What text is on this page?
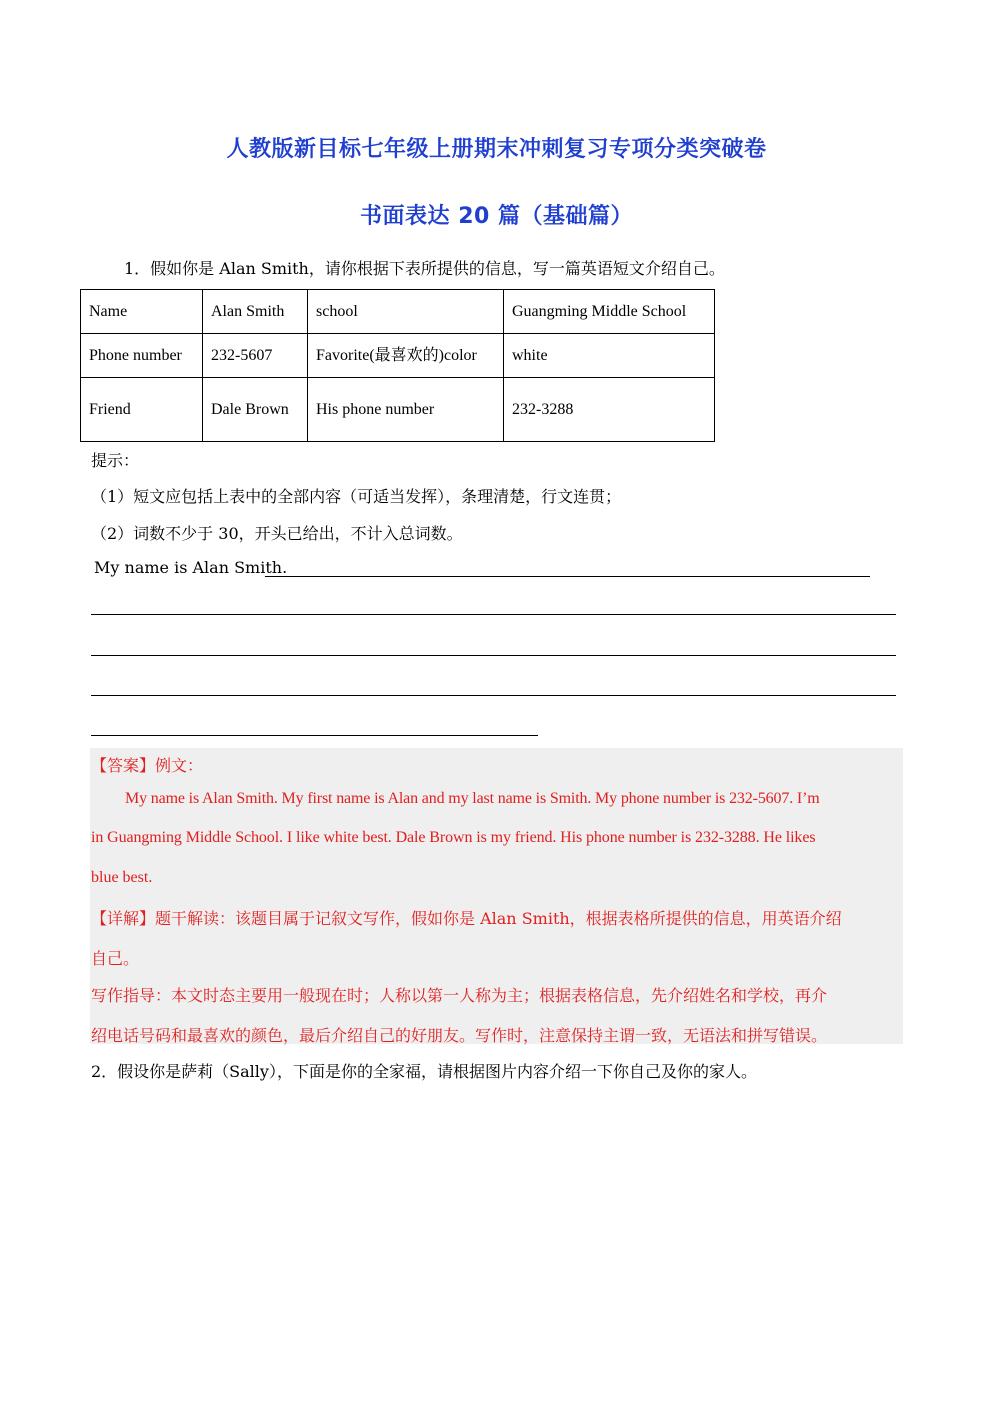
人教版新目标七年级上册期末冲刺复习专项分类突破卷
书面表达 20 篇（基础篇）
1．假如你是 Alan Smith，请你根据下表所提供的信息，写一篇英语短文介绍自己。
Name	Alan Smith	school	Guangming Middle School
Phone number	232-5607	Favorite(最喜欢的)color	white
Friend	Dale Brown	His phone number	232-3288
提示：
（1）短文应包括上表中的全部内容（可适当发挥），条理清楚，行文连贯；
（2）词数不少于 30，开头已给出，不计入总词数。
My name is Alan Smith.
【答案】例文：
My name is Alan Smith. My first name is Alan and my last name is Smith. My phone number is 232-5607. I’m
in Guangming Middle School. I like white best. Dale Brown is my friend. His phone number is 232-3288. He likes
blue best.
【详解】题干解读：该题目属于记叙文写作，假如你是 Alan Smith，根据表格所提供的信息，用英语介绍
自己。
写作指导：本文时态主要用一般现在时；人称以第一人称为主；根据表格信息，先介绍姓名和学校，再介
绍电话号码和最喜欢的颜色，最后介绍自己的好朋友。写作时，注意保持主谓一致，无语法和拼写错误。
2．假设你是萨莉（Sally），下面是你的全家福，请根据图片内容介绍一下你自己及你的家人。
